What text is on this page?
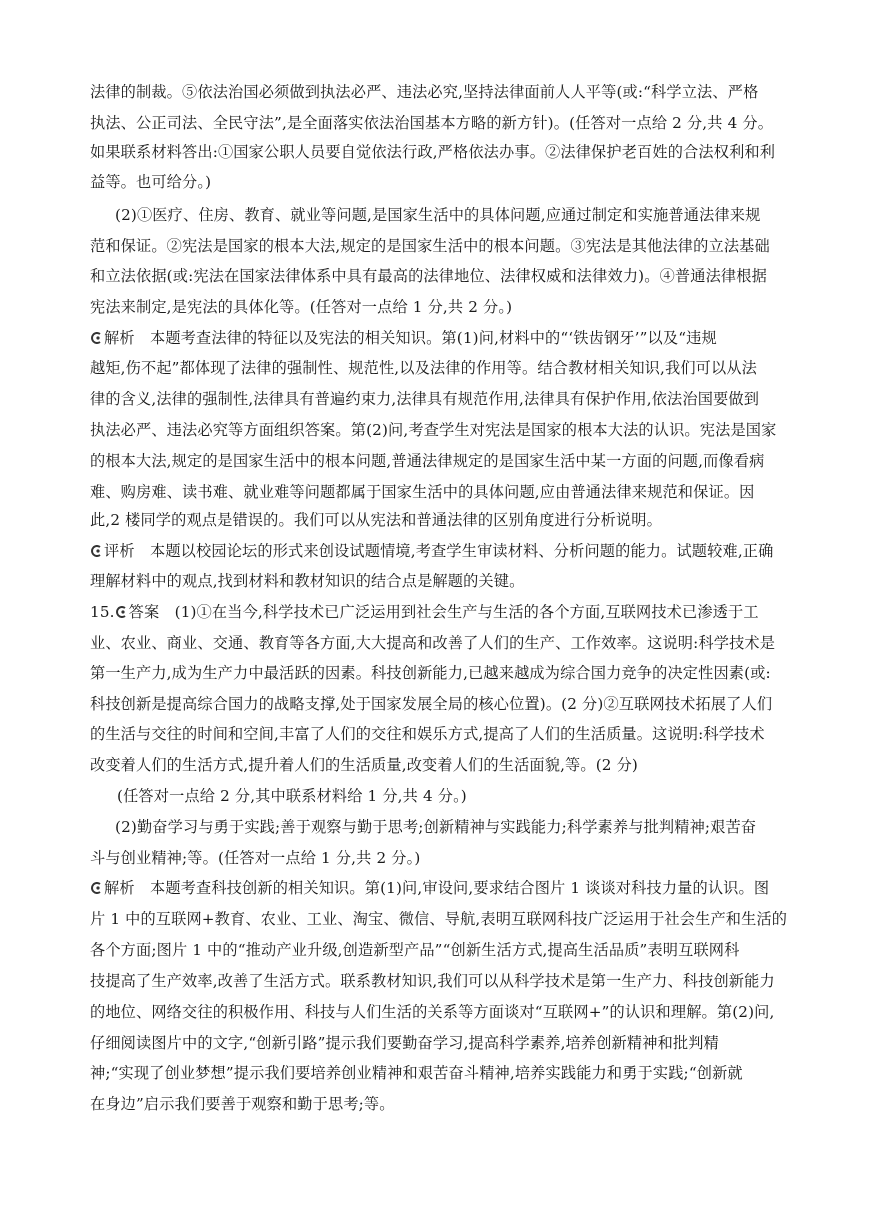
法律的制裁。⑤依法治国必须做到执法必严、违法必究,坚持法律面前人人平等(或:“科学立法、严格
执法、公正司法、全民守法”,是全面落实依法治国基本方略的新方针)。(任答对一点给 2 分,共 4 分。
如果联系材料答出:①国家公职人员要自觉依法行政,严格依法办事。②法律保护老百姓的合法权利和利
益等。也可给分。)
(2)①医疗、住房、教育、就业等问题,是国家生活中的具体问题,应通过制定和实施普通法律来规
范和保证。②宪法是国家的根本大法,规定的是国家生活中的根本问题。③宪法是其他法律的立法基础
和立法依据(或:宪法在国家法律体系中具有最高的法律地位、法律权威和法律效力)。④普通法律根据
宪法来制定,是宪法的具体化等。(任答对一点给 1 分,共 2 分。)
解析　本题考查法律的特征以及宪法的相关知识。第(1)问,材料中的“‘铁齿钢牙’”以及“违规
越矩,伤不起”都体现了法律的强制性、规范性,以及法律的作用等。结合教材相关知识,我们可以从法
律的含义,法律的强制性,法律具有普遍约束力,法律具有规范作用,法律具有保护作用,依法治国要做到
执法必严、违法必究等方面组织答案。第(2)问,考查学生对宪法是国家的根本大法的认识。宪法是国家
的根本大法,规定的是国家生活中的根本问题,普通法律规定的是国家生活中某一方面的问题,而像看病
难、购房难、读书难、就业难等问题都属于国家生活中的具体问题,应由普通法律来规范和保证。因
此,2 楼同学的观点是错误的。我们可以从宪法和普通法律的区别角度进行分析说明。
评析　本题以校园论坛的形式来创设试题情境,考查学生审读材料、分析问题的能力。试题较难,正确
理解材料中的观点,找到材料和教材知识的结合点是解题的关键。
15. 答案　(1)①在当今,科学技术已广泛运用到社会生产与生活的各个方面,互联网技术已渗透于工
业、农业、商业、交通、教育等各方面,大大提高和改善了人们的生产、工作效率。这说明:科学技术是
第一生产力,成为生产力中最活跃的因素。科技创新能力,已越来越成为综合国力竞争的决定性因素(或:
科技创新是提高综合国力的战略支撑,处于国家发展全局的核心位置)。(2 分)②互联网技术拓展了人们
的生活与交往的时间和空间,丰富了人们的交往和娱乐方式,提高了人们的生活质量。这说明:科学技术
改变着人们的生活方式,提升着人们的生活质量,改变着人们的生活面貌,等。(2 分)
(任答对一点给 2 分,其中联系材料给 1 分,共 4 分。)
(2)勤奋学习与勇于实践;善于观察与勤于思考;创新精神与实践能力;科学素养与批判精神;艰苦奋
斗与创业精神;等。(任答对一点给 1 分,共 2 分。)
解析　本题考查科技创新的相关知识。第(1)问,审设问,要求结合图片 1 谈谈对科技力量的认识。图
片 1 中的互联网+教育、农业、工业、淘宝、微信、导航,表明互联网科技广泛运用于社会生产和生活的
各个方面;图片 1 中的“推动产业升级,创造新型产品”“创新生活方式,提高生活品质”表明互联网科
技提高了生产效率,改善了生活方式。联系教材知识,我们可以从科学技术是第一生产力、科技创新能力
的地位、网络交往的积极作用、科技与人们生活的关系等方面谈对“互联网+”的认识和理解。第(2)问,
仔细阅读图片中的文字,“创新引路”提示我们要勤奋学习,提高科学素养,培养创新精神和批判精
神;“实现了创业梦想”提示我们要培养创业精神和艰苦奋斗精神,培养实践能力和勇于实践;“创新就
在身边”启示我们要善于观察和勤于思考;等。
